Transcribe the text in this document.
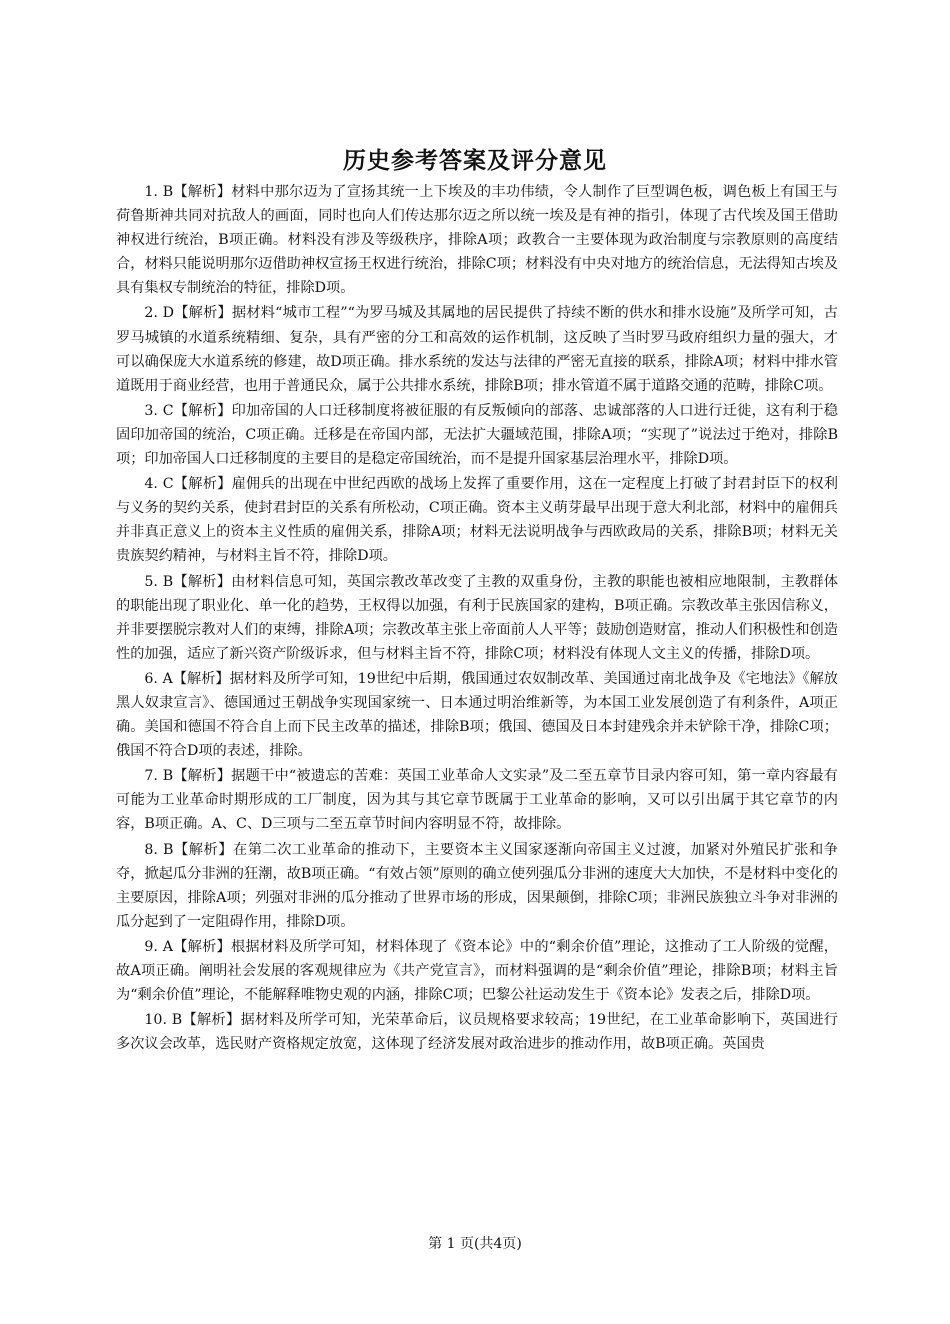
历史参考答案及评分意见

1. B【解析】材料中那尔迈为了宣扬其统一上下埃及的丰功伟绩，令人制作了巨型调色板，调色板上有国王与荷鲁斯神共同对抗敌人的画面，同时也向人们传达那尔迈之所以统一埃及是有神的指引，体现了古代埃及国王借助神权进行统治，B项正确。材料没有涉及等级秩序，排除A项；政教合一主要体现为政治制度与宗教原则的高度结合，材料只能说明那尔迈借助神权宣扬王权进行统治，排除C项；材料没有中央对地方的统治信息，无法得知古埃及具有集权专制统治的特征，排除D项。

2. D【解析】据材料“城市工程”“为罗马城及其属地的居民提供了持续不断的供水和排水设施”及所学可知，古罗马城镇的水道系统精细、复杂，具有严密的分工和高效的运作机制，这反映了当时罗马政府组织力量的强大，才可以确保庞大水道系统的修建，故D项正确。排水系统的发达与法律的严密无直接的联系，排除A项；材料中排水管道既用于商业经营，也用于普通民众，属于公共排水系统，排除B项；排水管道不属于道路交通的范畴，排除C项。

3. C【解析】印加帝国的人口迁移制度将被征服的有反叛倾向的部落、忠诚部落的人口进行迁徙，这有利于稳固印加帝国的统治，C项正确。迁移是在帝国内部，无法扩大疆域范围，排除A项；“实现了”说法过于绝对，排除B项；印加帝国人口迁移制度的主要目的是稳定帝国统治，而不是提升国家基层治理水平，排除D项。

4. C【解析】雇佣兵的出现在中世纪西欧的战场上发挥了重要作用，这在一定程度上打破了封君封臣下的权利与义务的契约关系，使封君封臣的关系有所松动，C项正确。资本主义萌芽最早出现于意大利北部，材料中的雇佣兵并非真正意义上的资本主义性质的雇佣关系，排除A项；材料无法说明战争与西欧政局的关系，排除B项；材料无关贵族契约精神，与材料主旨不符，排除D项。

5. B【解析】由材料信息可知，英国宗教改革改变了主教的双重身份，主教的职能也被相应地限制，主教群体的职能出现了职业化、单一化的趋势，王权得以加强，有利于民族国家的建构，B项正确。宗教改革主张因信称义，并非要摆脱宗教对人们的束缚，排除A项；宗教改革主张上帝面前人人平等；鼓励创造财富，推动人们积极性和创造性的加强，适应了新兴资产阶级诉求，但与材料主旨不符，排除C项；材料没有体现人文主义的传播，排除D项。

6. A【解析】据材料及所学可知，19世纪中后期，俄国通过农奴制改革、美国通过南北战争及《宅地法》《解放黑人奴隶宣言》、德国通过王朝战争实现国家统一、日本通过明治维新等，为本国工业发展创造了有利条件，A项正确。美国和德国不符合自上而下民主改革的描述，排除B项；俄国、德国及日本封建残余并未铲除干净，排除C项；俄国不符合D项的表述，排除。

7. B【解析】据题干中“被遗忘的苦难：英国工业革命人文实录”及二至五章节目录内容可知，第一章内容最有可能为工业革命时期形成的工厂制度，因为其与其它章节既属于工业革命的影响，又可以引出属于其它章节的内容，B项正确。A、C、D三项与二至五章节时间内容明显不符，故排除。

8. B【解析】在第二次工业革命的推动下，主要资本主义国家逐渐向帝国主义过渡，加紧对外殖民扩张和争夺，掀起瓜分非洲的狂潮，故B项正确。“有效占领”原则的确立使列强瓜分非洲的速度大大加快，不是材料中变化的主要原因，排除A项；列强对非洲的瓜分推动了世界市场的形成，因果颠倒，排除C项；非洲民族独立斗争对非洲的瓜分起到了一定阻碍作用，排除D项。

9. A【解析】根据材料及所学可知，材料体现了《资本论》中的“剩余价值”理论，这推动了工人阶级的觉醒，故A项正确。阐明社会发展的客观规律应为《共产党宣言》，而材料强调的是“剩余价值”理论，排除B项；材料主旨为“剩余价值”理论，不能解释唯物史观的内涵，排除C项；巴黎公社运动发生于《资本论》发表之后，排除D项。

10. B【解析】据材料及所学可知，光荣革命后，议员规格要求较高；19世纪，在工业革命影响下，英国进行多次议会改革，选民财产资格规定放宽，这体现了经济发展对政治进步的推动作用，故B项正确。英国贵

第 1 页(共4页)
